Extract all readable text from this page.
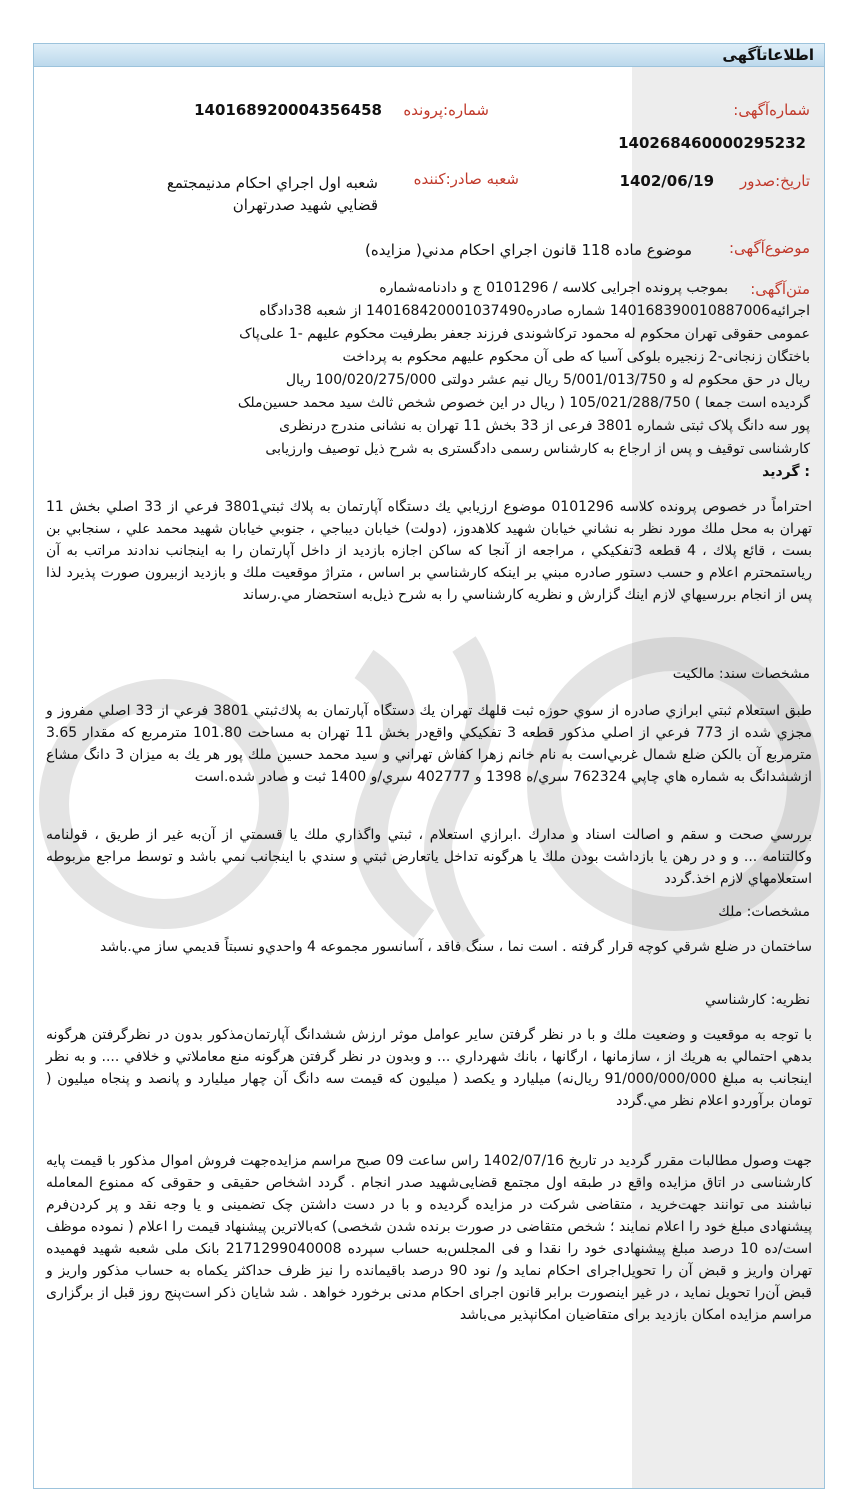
اطلاعاتآگهی
شماره‌آگهی:
140268460000295232
شماره:پرونده
140168920004356458
تاریخ:صدور
1402/06/19
شعبه صادر:کننده
شعبه اول اجراي احكام مدنيمجتمع
قضايي شهيد صدرتهران
موضوع‌آگهی:
موضوع ماده 118 قانون اجراي احكام مدني( مزايده)
متن‌آگهی:
بموجب پرونده اجرایی کلاسه / 0101296 ج و دادنامه‌شماره
اجرائیه140168390010887006 شماره صادره140168420001037490 از شعبه 38دادگاه
عمومی حقوقی تهران محکوم له محمود ترکاشوندی فرزند جعفر بطرفیت محکوم علیهم -1 علی‌پاک
باختگان زنجانی-2 زنجیره بلوکی آسیا که طی آن محکوم علیهم محکوم به پرداخت
ریال در حق محکوم له و 5/001/013/750 ریال نیم عشر دولتی 100/020/275/000 ریال
گردیده است جمعا ) 105/021/288/750 ( ریال در این خصوص شخص ثالث سید محمد حسین‌ملک
پور سه دانگ پلاک ثبتی شماره 3801 فرعی از 33 بخش 11 تهران به نشانی مندرج درنظری
کارشناسی توقیف و پس از ارجاع به کارشناس رسمی دادگستری به شرح ذیل توصیف وارزیابی
: گردید

احتراماً در خصوص پرونده كلاسه 0101296 موضوع ارزيابي يك دستگاه آپارتمان به پلاك ثبتي3801 فرعي از 33 اصلي بخش 11 تهران به محل ملك مورد نظر به نشاني خيابان شهيد كلاهدوز، (دولت) خيابان ديباجي ، جنوبي خيابان شهيد محمد علي ، سنجابي بن بست ، قائع پلاك ، 4 قطعه 3تفكيكي ، مراجعه از آنجا كه ساكن اجازه بازديد از داخل آپارتمان را به اينجانب ندادند مراتب به آن رياستمحترم اعلام و حسب دستور صادره مبني بر اينكه كارشناسي بر اساس ، متراژ موقعيت ملك و بازديد ازبيرون صورت پذيرد لذا پس از انجام بررسيهاي لازم اينك گزارش و نظريه كارشناسي را به شرح ذيل‌به استحضار مي.رساند

مشخصات سند: مالكيت

طبق استعلام ثبتي ابرازي صادره از سوي حوزه ثبت قلهك تهران يك دستگاه آپارتمان به پلاك‌ثبتي 3801 فرعي از 33 اصلي مفروز و مجزي شده از 773 فرعي از اصلي مذكور قطعه 3 تفكيكي واقع‌در بخش 11 تهران به مساحت 101.80 مترمربع كه مقدار 3.65 مترمربع آن بالكن ضلع شمال غربي‌است به نام خانم زهرا كفاش تهراني و سيد محمد حسين ملك پور هر يك به ميزان 3 دانگ مشاع ازششدانگ به شماره هاي چاپي 762324 سري/ه 1398 و 402777 سري/و 1400 ثبت و صادر شده.است

بررسي صحت و سقم و اصالت اسناد و مدارك .ابرازي استعلام ، ثبتي واگذاري ملك يا قسمتي از آن‌به غير از طريق ، قولنامه وكالتنامه ... و و در رهن يا بازداشت بودن ملك يا هرگونه تداخل ياتعارض ثبتي و سندي با اينجانب نمي باشد و توسط مراجع مربوطه استعلامهاي لازم اخذ.گردد

مشخصات: ملك

ساختمان در ضلع شرقي كوچه قرار گرفته . است نما ، سنگ فاقد ، آسانسور مجموعه 4 واحدي‌و نسبتاً قديمي ساز مي.باشد

نظريه: كارشناسي

با توجه به موقعيت و وضعيت ملك و با در نظر گرفتن ساير عوامل موثر ارزش ششدانگ آپارتمان‌مذكور بدون در نظرگرفتن هرگونه بدهي احتمالي به هريك از ، سازمانها ، ارگانها ، بانك شهرداري ... و وبدون در نظر گرفتن هرگونه منع معاملاتي و خلافي .... و به نظر اينجانب به مبلغ 91/000/000/000 ريال‌نه) ميليارد و يكصد ( ميليون كه قيمت سه دانگ آن چهار ميليارد و پانصد و پنجاه ميليون ( تومان برآوردو اعلام نظر مي.گردد

جهت وصول مطالبات مقرر گردید در تاریخ 1402/07/16 راس ساعت 09 صبح مراسم مزایده‌جهت فروش اموال مذکور با قیمت پایه کارشناسی در اتاق مزایده واقع در طبقه اول مجتمع قضایی‌شهید صدر انجام . گردد اشخاص حقیقی و حقوقی که ممنوع المعامله نباشند می توانند جهت‌خرید ، متقاضی شرکت در مزایده گردیده و با در دست داشتن چک تضمینی و یا وجه نقد و پر کردن‌فرم پیشنهادی مبلغ خود را اعلام نمایند ؛ شخص متقاضی در صورت برنده شدن شخصی) که‌بالاترین پیشنهاد قیمت را اعلام ( نموده موظف است/ده 10 درصد مبلغ پیشنهادی خود را نقدا و فی المجلس‌به حساب سپرده 2171299040008 بانک ملی شعبه شهید فهمیده تهران واریز و قبض آن را تحویل‌اجرای احکام نماید و/ نود 90 درصد باقیمانده را نیز ظرف حداکثر یکماه به حساب مذکور واریز و قبض آن‌را تحویل نماید ، در غیر اینصورت برابر قانون اجرای احکام مدنی برخورد خواهد . شد شایان ذکر است‌پنج روز قبل از برگزاری مراسم مزایده امکان بازدید برای متقاضیان امکانپذیر می‌باشد
